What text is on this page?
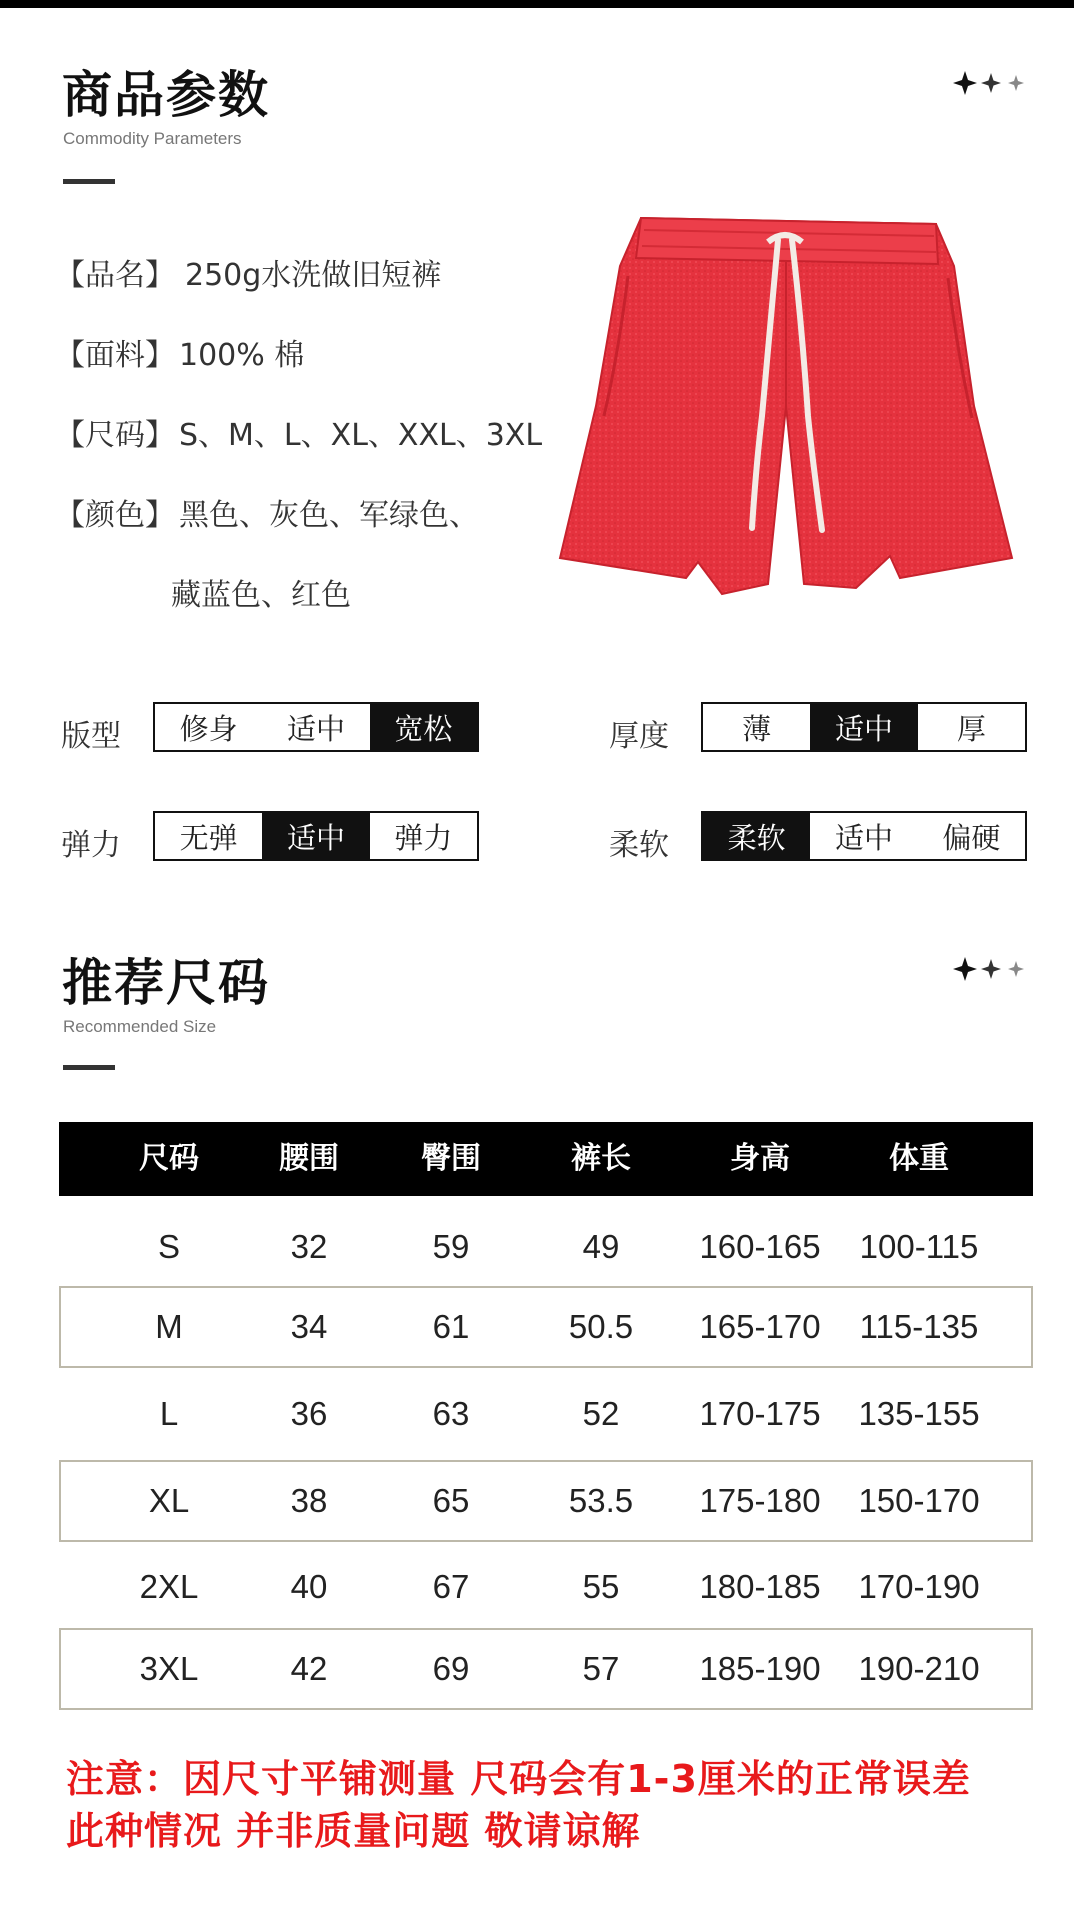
商品参数
Commodity Parameters
【品名】 250g水洗做旧短裤
【面料】 100% 棉
【尺码】 S、M、L、XL、XXL、3XL
【颜色】 黑色、灰色、军绿色、
藏蓝色、红色
版型	修身	适中	宽松	厚度	薄	适中	厚
弹力	无弹	适中	弹力	柔软	柔软	适中	偏硬
推荐尺码
Recommended Size
尺码	腰围	臀围	裤长	身高	体重
S	32	59	49	160-165	100-115
M	34	61	50.5	165-170	115-135
L	36	63	52	170-175	135-155
XL	38	65	53.5	175-180	150-170
2XL	40	67	55	180-185	170-190
3XL	42	69	57	185-190	190-210
注意：因尺寸平铺测量 尺码会有1-3厘米的正常误差
此种情况 并非质量问题 敬请谅解
